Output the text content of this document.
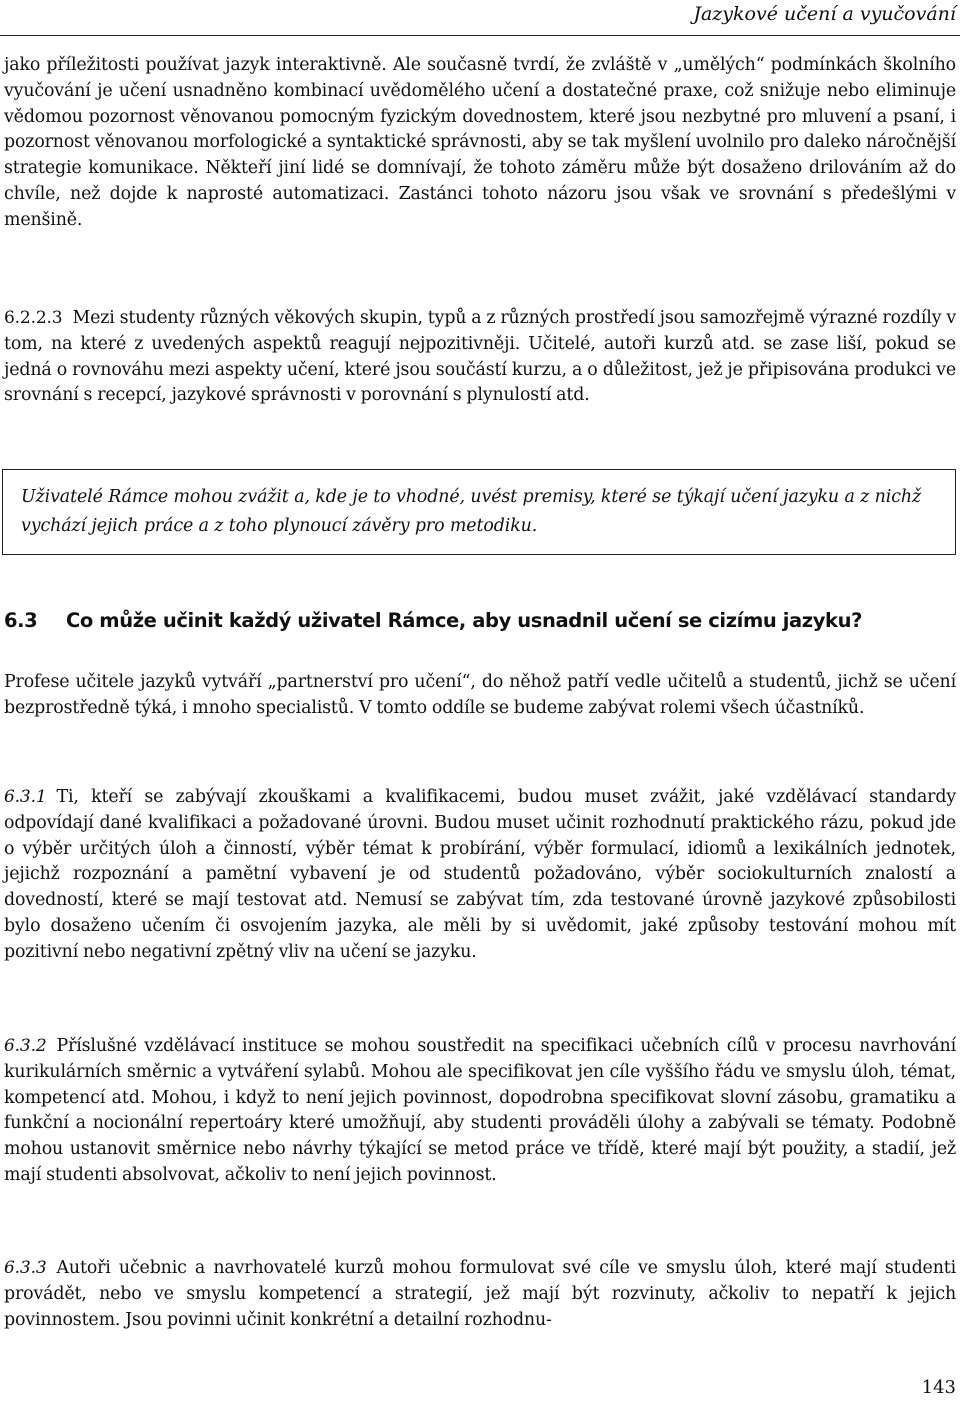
Jazykové učení a vyučování

jako příležitosti používat jazyk interaktivně. Ale současně tvrdí, že zvláště v „umělých“ podmínkách školního vyučování je učení usnadněno kombinací uvědomělého učení a dostatečné praxe, což snižuje nebo eliminuje vědomou pozornost věnovanou pomocným fyzickým dovednostem, které jsou nezbytné pro mluvení a psaní, i pozornost věnovanou morfologické a syntaktické správnosti, aby se tak myšlení uvolnilo pro daleko náročnější strategie komunikace. Někteří jiní lidé se domnívají, že tohoto záměru může být dosaženo drilováním až do chvíle, než dojde k naprosté automatizaci. Zastánci tohoto názoru jsou však ve srovnání s předešlými v menšině.

6.2.2.3 Mezi studenty různých věkových skupin, typů a z různých prostředí jsou samozřejmě výrazné rozdíly v tom, na které z uvedených aspektů reagují nejpozitivněji. Učitelé, autoři kurzů atd. se zase liší, pokud se jedná o rovnováhu mezi aspekty učení, které jsou součástí kurzu, a o důležitost, jež je připisována produkci ve srovnání s recepcí, jazykové správnosti v porovnání s plynulostí atd.

Uživatelé Rámce mohou zvážit a, kde je to vhodné, uvést premisy, které se týkají učení jazyku a z nichž vychází jejich práce a z toho plynoucí závěry pro metodiku.

6.3 Co může učinit každý uživatel Rámce, aby usnadnil učení se cizímu jazyku?

Profese učitele jazyků vytváří „partnerství pro učení“, do něhož patří vedle učitelů a studentů, jichž se učení bezprostředně týká, i mnoho specialistů. V tomto oddíle se budeme zabývat rolemi všech účastníků.

6.3.1 Ti, kteří se zabývají zkouškami a kvalifikacemi, budou muset zvážit, jaké vzdělávací standardy odpovídají dané kvalifikaci a požadované úrovni. Budou muset učinit rozhodnutí praktického rázu, pokud jde o výběr určitých úloh a činností, výběr témat k probírání, výběr formulací, idiomů a lexikálních jednotek, jejichž rozpoznání a pamětní vybavení je od studentů požadováno, výběr sociokulturních znalostí a dovedností, které se mají testovat atd. Nemusí se zabývat tím, zda testované úrovně jazykové způsobilosti bylo dosaženo učením či osvojením jazyka, ale měli by si uvědomit, jaké způsoby testování mohou mít pozitivní nebo negativní zpětný vliv na učení se jazyku.

6.3.2 Příslušné vzdělávací instituce se mohou soustředit na specifikaci učebních cílů v procesu navrhování kurikulárních směrnic a vytváření sylabů. Mohou ale specifikovat jen cíle vyššího řádu ve smyslu úloh, témat, kompetencí atd. Mohou, i když to není jejich povinnost, dopodrobna specifikovat slovní zásobu, gramatiku a funkční a nocionální repertoáry které umožňují, aby studenti prováděli úlohy a zabývali se tématy. Podobně mohou ustanovit směrnice nebo návrhy týkající se metod práce ve třídě, které mají být použity, a stadií, jež mají studenti absolvovat, ačkoliv to není jejich povinnost.

6.3.3 Autoři učebnic a navrhovatelé kurzů mohou formulovat své cíle ve smyslu úloh, které mají studenti provádět, nebo ve smyslu kompetencí a strategií, jež mají být rozvinuty, ačkoliv to nepatří k jejich povinnostem. Jsou povinni učinit konkrétní a detailní rozhodnu-

143
